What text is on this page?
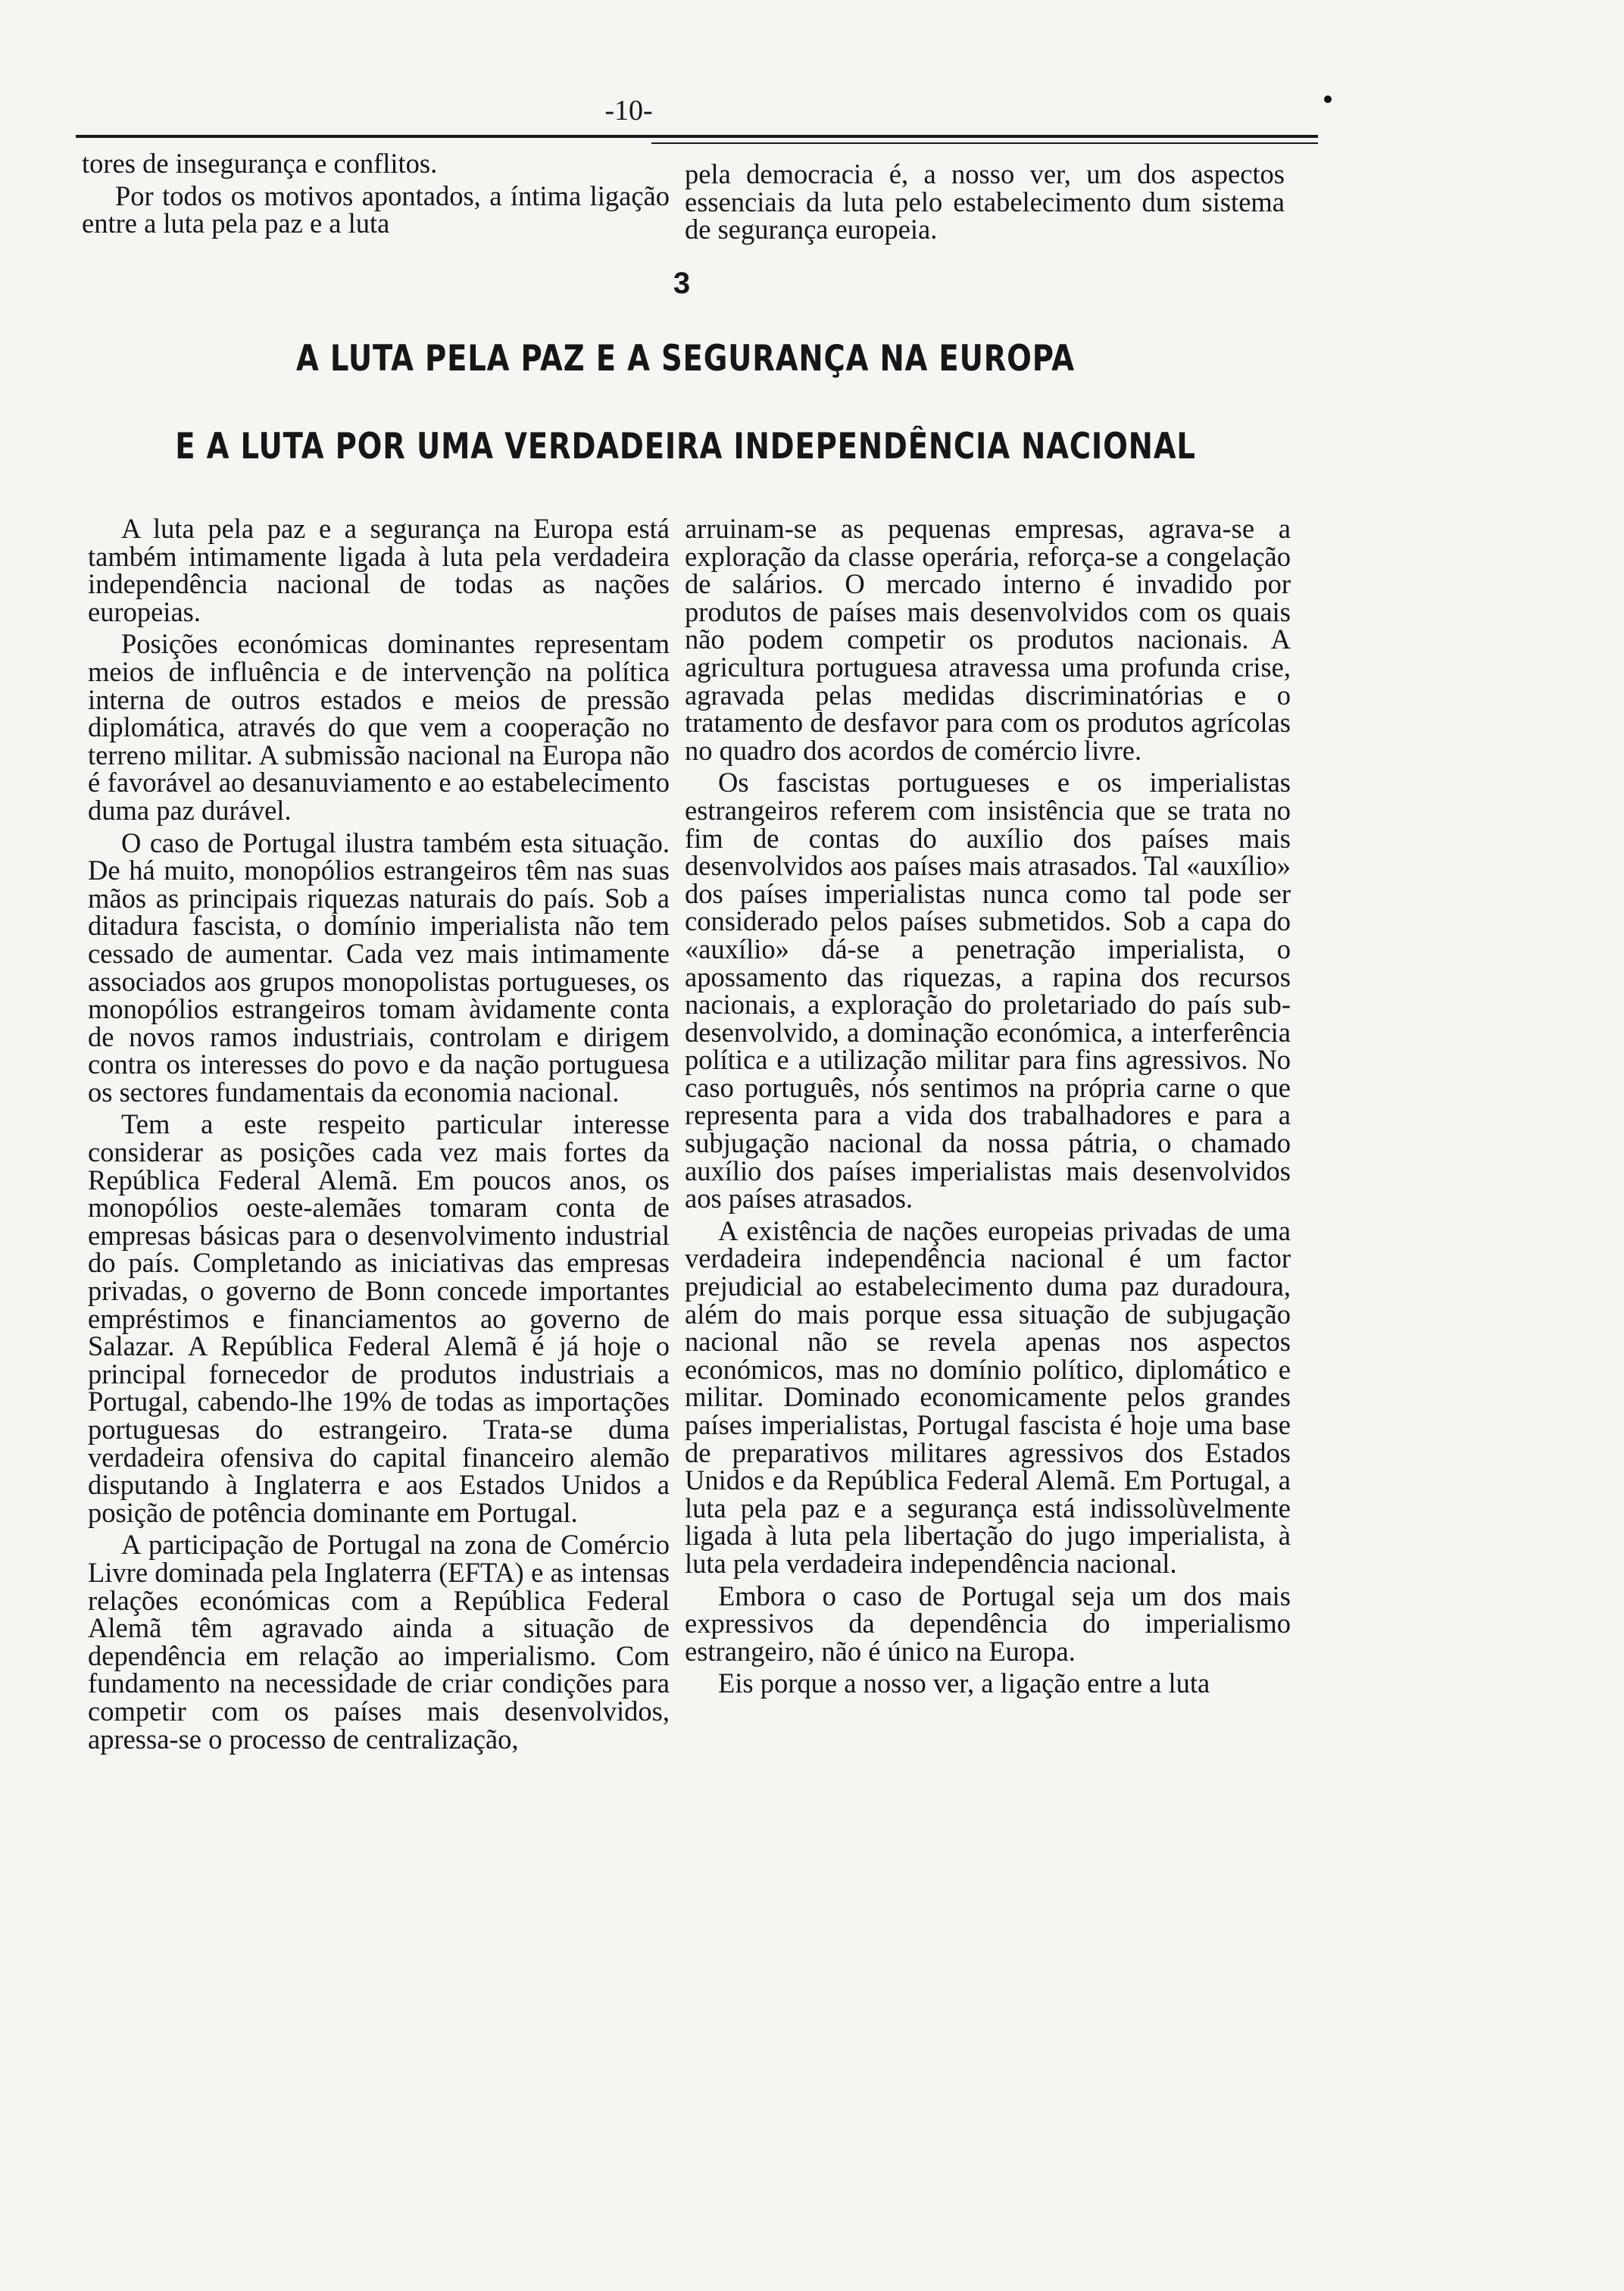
-10-

tores de insegurança e conflitos.

Por todos os motivos apontados, a íntima ligação entre a luta pela paz e a luta

pela democracia é, a nosso ver, um dos aspectos essenciais da luta pelo estabelecimento dum sistema de segurança europeia.

3
A LUTA PELA PAZ E A SEGURANÇA NA EUROPA
E A LUTA POR UMA VERDADEIRA INDEPENDÊNCIA NACIONAL

A luta pela paz e a segurança na Europa está também intimamente ligada à luta pela verdadeira independência nacional de todas as nações europeias.

Posições económicas dominantes representam meios de influência e de intervenção na política interna de outros estados e meios de pressão diplomática, através do que vem a cooperação no terreno militar. A submissão nacional na Europa não é favorável ao desanuviamento e ao estabelecimento duma paz durável.

O caso de Portugal ilustra também esta situação. De há muito, monopólios estrangeiros têm nas suas mãos as principais riquezas naturais do país. Sob a ditadura fascista, o domínio imperialista não tem cessado de aumentar. Cada vez mais intimamente associados aos grupos monopolistas portugueses, os monopólios estrangeiros tomam àvidamente conta de novos ramos industriais, controlam e dirigem contra os interesses do povo e da nação portuguesa os sectores fundamentais da economia nacional.

Tem a este respeito particular interesse considerar as posições cada vez mais fortes da República Federal Alemã. Em poucos anos, os monopólios oeste-alemães tomaram conta de empresas básicas para o desenvolvimento industrial do país. Completando as iniciativas das empresas privadas, o governo de Bonn concede importantes empréstimos e financiamentos ao governo de Salazar. A República Federal Alemã é já hoje o principal fornecedor de produtos industriais a Portugal, cabendo-lhe 19% de todas as importações portuguesas do estrangeiro. Trata-se duma verdadeira ofensiva do capital financeiro alemão disputando à Inglaterra e aos Estados Unidos a posição de potência dominante em Portugal.

A participação de Portugal na zona de Comércio Livre dominada pela Inglaterra (EFTA) e as intensas relações económicas com a República Federal Alemã têm agravado ainda a situação de dependência em relação ao imperialismo. Com fundamento na necessidade de criar condições para competir com os países mais desenvolvidos, apressa-se o processo de centralização,

arruinam-se as pequenas empresas, agrava-se a exploração da classe operária, reforça-se a congelação de salários. O mercado interno é invadido por produtos de países mais desenvolvidos com os quais não podem competir os produtos nacionais. A agricultura portuguesa atravessa uma profunda crise, agravada pelas medidas discriminatórias e o tratamento de desfavor para com os produtos agrícolas no quadro dos acordos de comércio livre.

Os fascistas portugueses e os imperialistas estrangeiros referem com insistência que se trata no fim de contas do auxílio dos países mais desenvolvidos aos países mais atrasados. Tal «auxílio» dos países imperialistas nunca como tal pode ser considerado pelos países submetidos. Sob a capa do «auxílio» dá-se a penetração imperialista, o apossamento das riquezas, a rapina dos recursos nacionais, a exploração do proletariado do país sub-desenvolvido, a dominação económica, a interferência política e a utilização militar para fins agressivos. No caso português, nós sentimos na própria carne o que representa para a vida dos trabalhadores e para a subjugação nacional da nossa pátria, o chamado auxílio dos países imperialistas mais desenvolvidos aos países atrasados.

A existência de nações europeias privadas de uma verdadeira independência nacional é um factor prejudicial ao estabelecimento duma paz duradoura, além do mais porque essa situação de subjugação nacional não se revela apenas nos aspectos económicos, mas no domínio político, diplomático e militar. Dominado economicamente pelos grandes países imperialistas, Portugal fascista é hoje uma base de preparativos militares agressivos dos Estados Unidos e da República Federal Alemã. Em Portugal, a luta pela paz e a segurança está indissolùvelmente ligada à luta pela libertação do jugo imperialista, à luta pela verdadeira independência nacional.

Embora o caso de Portugal seja um dos mais expressivos da dependência do imperialismo estrangeiro, não é único na Europa.

Eis porque a nosso ver, a ligação entre a luta
